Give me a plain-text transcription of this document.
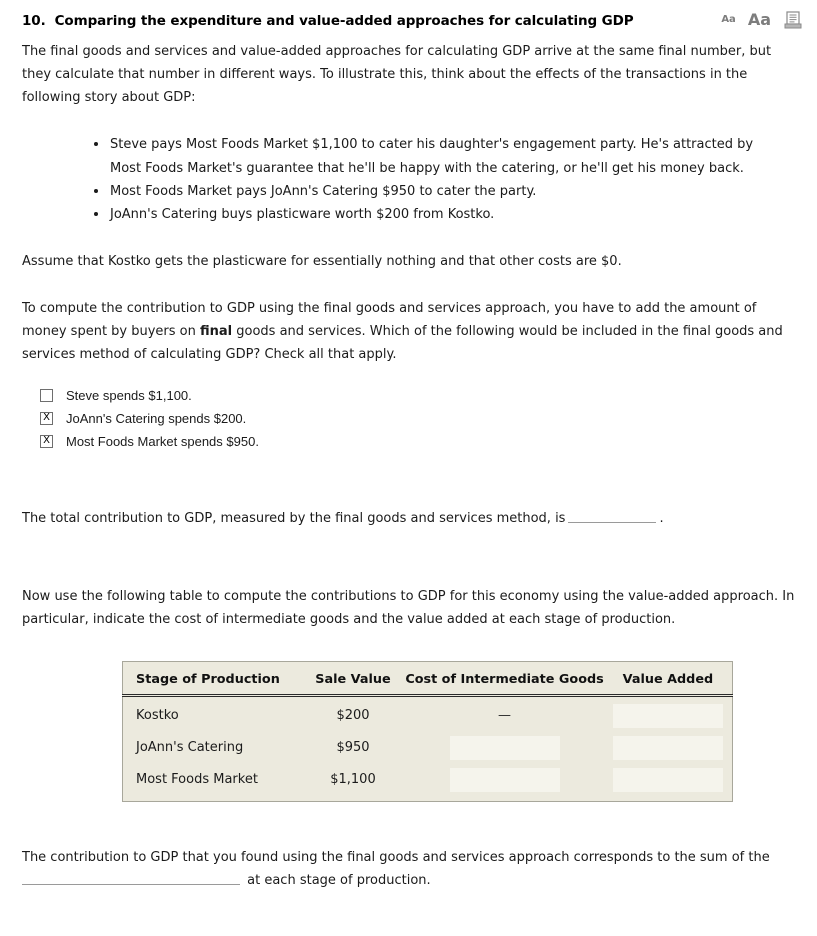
10. Comparing the expenditure and value-added approaches for calculating GDP	Aa Aa

The final goods and services and value-added approaches for calculating GDP arrive at the same final number, but they calculate that number in different ways. To illustrate this, think about the effects of the transactions in the following story about GDP:

Steve pays Most Foods Market $1,100 to cater his daughter's engagement party. He's attracted by Most Foods Market's guarantee that he'll be happy with the catering, or he'll get his money back.
Most Foods Market pays JoAnn's Catering $950 to cater the party.
JoAnn's Catering buys plasticware worth $200 from Kostko.

Assume that Kostko gets the plasticware for essentially nothing and that other costs are $0.

To compute the contribution to GDP using the final goods and services approach, you have to add the amount of money spent by buyers on final goods and services. Which of the following would be included in the final goods and services method of calculating GDP? Check all that apply.

Steve spends $1,100.
X JoAnn's Catering spends $200.
X Most Foods Market spends $950.

The total contribution to GDP, measured by the final goods and services method, is	.

Now use the following table to compute the contributions to GDP for this economy using the value-added approach. In particular, indicate the cost of intermediate goods and the value added at each stage of production.

Stage of Production	Sale Value	Cost of Intermediate Goods	Value Added
Kostko	$200	—	

JoAnn's Catering	$950	

Most Foods Market	$1,100	

The contribution to GDP that you found using the final goods and services approach corresponds to the sum of the
at each stage of production.
